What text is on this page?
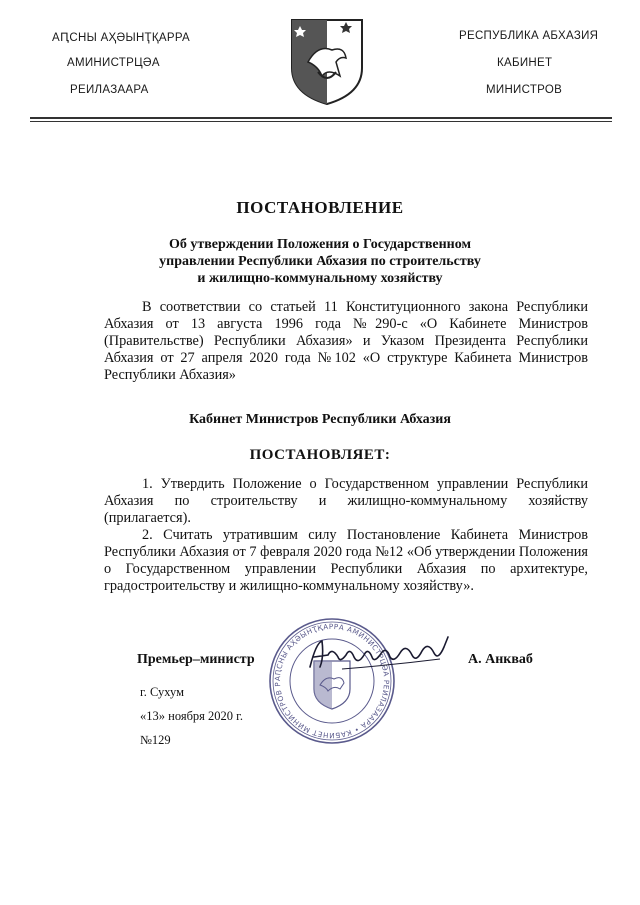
АԤСНЫ АҲӘЫНҬҚАРРА
АМИНИСТРЦӘА
РЕИЛАЗААРА
РЕСПУБЛИКА АБХАЗИЯ
КАБИНЕТ
МИНИСТРОВ
ПОСТАНОВЛЕНИЕ
Об утверждении Положения о Государственном
управлении Республики Абхазия по строительству
и жилищно-коммунальному хозяйству

В соответствии со статьей 11 Конституционного закона Республики Абхазия от 13 августа 1996 года №290-с «О Кабинете Министров (Правительстве) Республики Абхазия» и Указом Президента Республики Абхазия от 27 апреля 2020 года №102 «О структуре Кабинета Министров Республики Абхазия»

Кабинет Министров Республики Абхазия
ПОСТАНОВЛЯЕТ:

1. Утвердить Положение о Государственном управлении Республики Абхазия по строительству и жилищно-коммунальному хозяйству (прилагается).

2. Считать утратившим силу Постановление Кабинета Министров Республики Абхазия от 7 февраля 2020 года №12 «Об утверждении Положения о Государственном управлении Республики Абхазия по архитектуре, градостроительству и жилищно-коммунальному хозяйству».

АԤСНЫ АҲӘЫНҬҚАРРА АМИНИСТРЦӘА РЕИЛАЗААРА • КАБИНЕТ МИНИСТРОВ Р
Премьер–министр	А. Анкваб
г. Сухум
«13» ноября 2020 г.
№129
